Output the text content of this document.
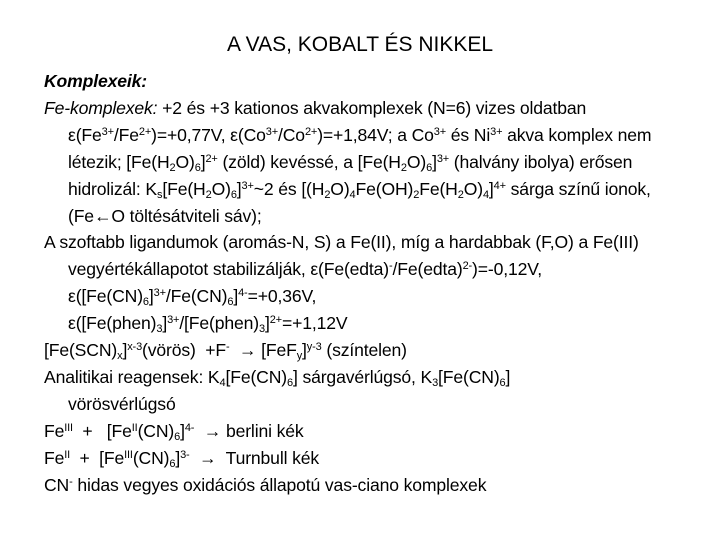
A VAS, KOBALT ÉS NIKKEL
Komplexeik:
Fe-komplexek: +2 és +3 kationos akvakomplexek (N=6) vizes oldatban $\varepsilon(Fe^{3+}/Fe^{2+})=+0,77V$, $\varepsilon(Co^{3+}/Co^{2+})=+1,84V$; a $Co^{3+}$ és $Ni^{3+}$ akva komplex nem létezik; $[Fe(H_2O)_6]^{2+}$ (zöld) kevéssé, a $[Fe(H_2O)_6]^{3+}$ (halvány ibolya) erősen hidrolizál: $K_s[Fe(H_2O)_6]^{3+}\sim 2$ és $[(H_2O)_4Fe(OH)_2Fe(H_2O)_4]^{4+}$ sárga színű ionok, (Fe←O töltésátviteli sáv);
A szoftabb ligandumok (aromás-N, S) a Fe(II), míg a hardabbak (F,O) a Fe(III) vegyértékállapotot stabilizálják, ε(Fe(edta)-/Fe(edta)$^{2-}$)=-0,12V, $\varepsilon([Fe(CN)_6]^{3+}/Fe(CN)_6]^{4-}=+0,36V$,
$\varepsilon([Fe(phen)_3]^{3+}/[Fe(phen)_3]^{2+}=+1,12V$
$[Fe(SCN)_x]^{x-3}(vörös) +F^- \to [FeF_y]^{y-3}$ (színtelen)
Analitikai reagensek: $K_4[Fe(CN)_6]$ sárgavérlúgsó, $K_3[Fe(CN)_6]$
vörösvérlúgsó
$Fe^{III} + [Fe^{II}(CN)_6]^{4-}$  → berlini kék
$Fe^{II} + [Fe^{III}(CN)_6]^{3-}$  →  Turnbull kék
CN- hidas vegyes oxidációs állapotú vas-ciano komplexek
